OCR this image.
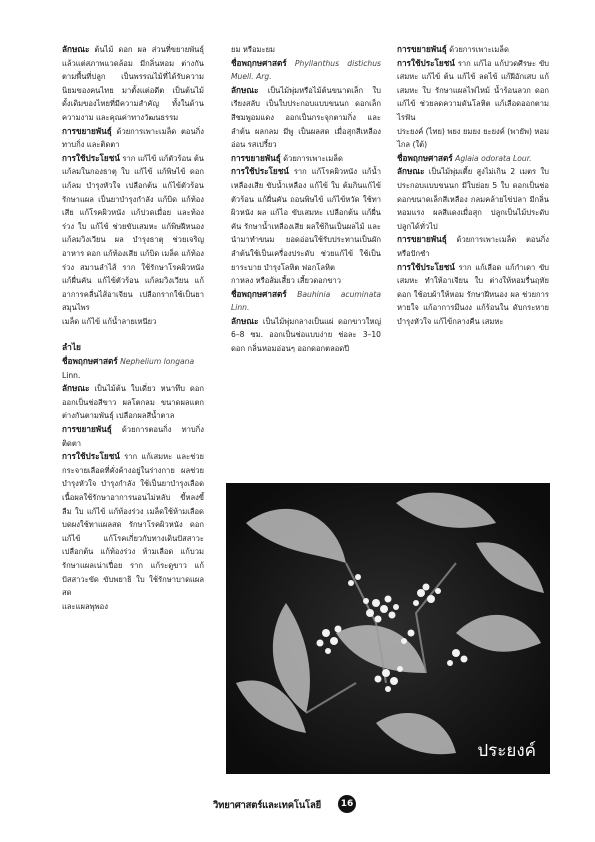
ลักษณะ ต้นไม้ ดอก ผล ส่วนที่ขยายพันธุ์ แล้วแต่สภาพแวดล้อม มีกลิ่นหอม ต่างกันตามพื้นที่ปลูก เป็นพรรณไม้ที่ได้รับความนิยมของคนไทย มาตั้งแต่อดีต เป็นต้นไม้ดั้งเดิมของไทยที่มีความสำคัญ ทั้งในด้านความงาม และคุณค่าทางวัฒนธรรม

การขยายพันธุ์ ด้วยการเพาะเมล็ด ตอนกิ่ง ทาบกิ่ง และติดตา

การใช้ประโยชน์ ราก แก้ไข้ แก้ตัวร้อน ต้น แก้ลมในกองธาตุ ใบ แก้ไข้ แก้พิษไข้ ดอก แก้ลม บำรุงหัวใจ เปลือกต้น แก้ไข้ตัวร้อน รักษาแผล เป็นยาบำรุงกำลัง แก้บิด แก้ท้องเสีย แก้โรคผิวหนัง แก้ปวดเมื่อย และท้องร่วง ใบ แก้ไข้ ช่วยขับเสมหะ แก้พิษฝีหนอง แก้ลมวิงเวียน ผล บำรุงธาตุ ช่วยเจริญอาหาร ดอก แก้ท้องเสีย แก้บิด เมล็ด แก้ท้องร่วง สมานลำไส้ ราก ใช้รักษาโรคผิวหนัง แก้ผื่นคัน แก้ไข้ตัวร้อน แก้ลมวิงเวียน แก้อาการคลื่นไส้อาเจียน เปลือกรากใช้เป็นยาสมุนไพร

เมล็ด แก้ไข้ แก้น้ำลายเหนียว

ลำไย

ชื่อพฤกษศาสตร์ Nephelium longana

Linn.

ลักษณะ เป็นไม้ต้น ใบเดี่ยว หนาทึบ ดอกออกเป็นช่อสีขาว ผลโตกลม ขนาดผลแตกต่างกันตามพันธุ์ เปลือกผลสีน้ำตาล

การขยายพันธุ์ ด้วยการตอนกิ่ง ทาบกิ่ง ติดตา

การใช้ประโยชน์ ราก แก้เสมหะ และช่วยกระจายเลือดที่คั่งค้างอยู่ในร่างกาย ผลช่วยบำรุงหัวใจ บำรุงกำลัง ใช้เป็นยาบำรุงเลือด เนื้อผลใช้รักษาอาการนอนไม่หลับ ขี้หลงขี้ลืม ใบ แก้ไข้ แก้ท้องร่วง เมล็ดใช้ห้ามเลือด บดผงใช้ทาแผลสด รักษาโรคผิวหนัง ดอก แก้ไข้ แก้โรคเกี่ยวกับทางเดินปัสสาวะ เปลือกต้น แก้ท้องร่วง ห้ามเลือด แก้บวม รักษาแผลเน่าเปื่อย ราก แก้ระดูขาว แก้ปัสสาวะขัด ขับพยาธิ ใบ ใช้รักษาบาดแผลสด

และแผลพุพอง

ยม หรือมะยม

ชื่อพฤกษศาสตร์ Phyllanthus distichus Muell. Arg.

ลักษณะ เป็นไม้พุ่มหรือไม้ต้นขนาดเล็ก ใบเรียงสลับ เป็นใบประกอบแบบขนนก ดอกเล็ก สีชมพูอมแดง ออกเป็นกระจุกตามกิ่ง และลำต้น ผลกลม มีพู เป็นผลสด เมื่อสุกสีเหลืองอ่อน รสเปรี้ยว

การขยายพันธุ์ ด้วยการเพาะเมล็ด

การใช้ประโยชน์ ราก แก้โรคผิวหนัง แก้น้ำเหลืองเสีย ขับน้ำเหลือง แก้ไข้ ใบ ต้มกินแก้ไข้ ตัวร้อน แก้ผื่นคัน ถอนพิษไข้ แก้ไข้หวัด ใช้ทาผิวหนัง ผล แก้ไอ ขับเสมหะ เปลือกต้น แก้ผื่นคัน รักษาน้ำเหลืองเสีย ผลใช้กินเป็นผลไม้ และนำมาทำขนม ยอดอ่อนใช้รับประทานเป็นผัก ลำต้นใช้เป็นเครื่องประดับ ช่วยแก้ไข้ ใช้เป็นยาระบาย บำรุงโลหิต ฟอกโลหิต

กาหลง หรือส้มเสี้ยว เสี้ยวดอกขาว

ชื่อพฤกษศาสตร์ Bauhinia acuminata Linn.

ลักษณะ เป็นไม้พุ่มกลางเป็นแผ่ ดอกขาวใหญ่ 6–8 ซม. ออกเป็นช่อแบบง่าย ช่อละ 3–10 ดอก กลิ่นหอมอ่อนๆ ออกดอกตลอดปี

การขยายพันธุ์ ด้วยการเพาะเมล็ด

การใช้ประโยชน์ ราก แก้ไอ แก้ปวดศีรษะ ขับเสมหะ แก้ไข้ ต้น แก้ไข้ ลดไข้ แก้ฝีอักเสบ แก้เสมหะ ใบ รักษาแผลไฟไหม้ น้ำร้อนลวก ดอก แก้ไข้ ช่วยลดความดันโลหิต แก้เลือดออกตามไรฟัน

ประยงค์ (ไทย) พยง ยมยง ยะยงค์ (พายัพ) หอมไกล (ใต้)

ชื่อพฤกษศาสตร์ Aglaia odorata Lour.

ลักษณะ เป็นไม้พุ่มเตี้ย สูงไม่เกิน 2 เมตร ใบประกอบแบบขนนก มีใบย่อย 5 ใบ ดอกเป็นช่อ ดอกขนาดเล็กสีเหลือง กลมคล้ายไข่ปลา มีกลิ่นหอมแรง ผลสีแดงเมื่อสุก ปลูกเป็นไม้ประดับ ปลูกได้ทั่วไป

การขยายพันธุ์ ด้วยการเพาะเมล็ด ตอนกิ่ง หรือปักชำ

การใช้ประโยชน์ ราก แก้เลือด แก้กำเดา ขับเสมหะ ทำให้อาเจียน ใบ ต่างให้หอมรื่นฤทัย ดอก ใช้อบผ้าให้หอม รักษาฝีหนอง ผล ช่วยการหายใจ แก้อาการมึนงง แก้ร้อนใน ดับกระหาย บำรุงหัวใจ แก้ไข้กลางคืน เสมหะ

ประยงค์
วิทยาศาสตร์และเทคโนโลยี	16
